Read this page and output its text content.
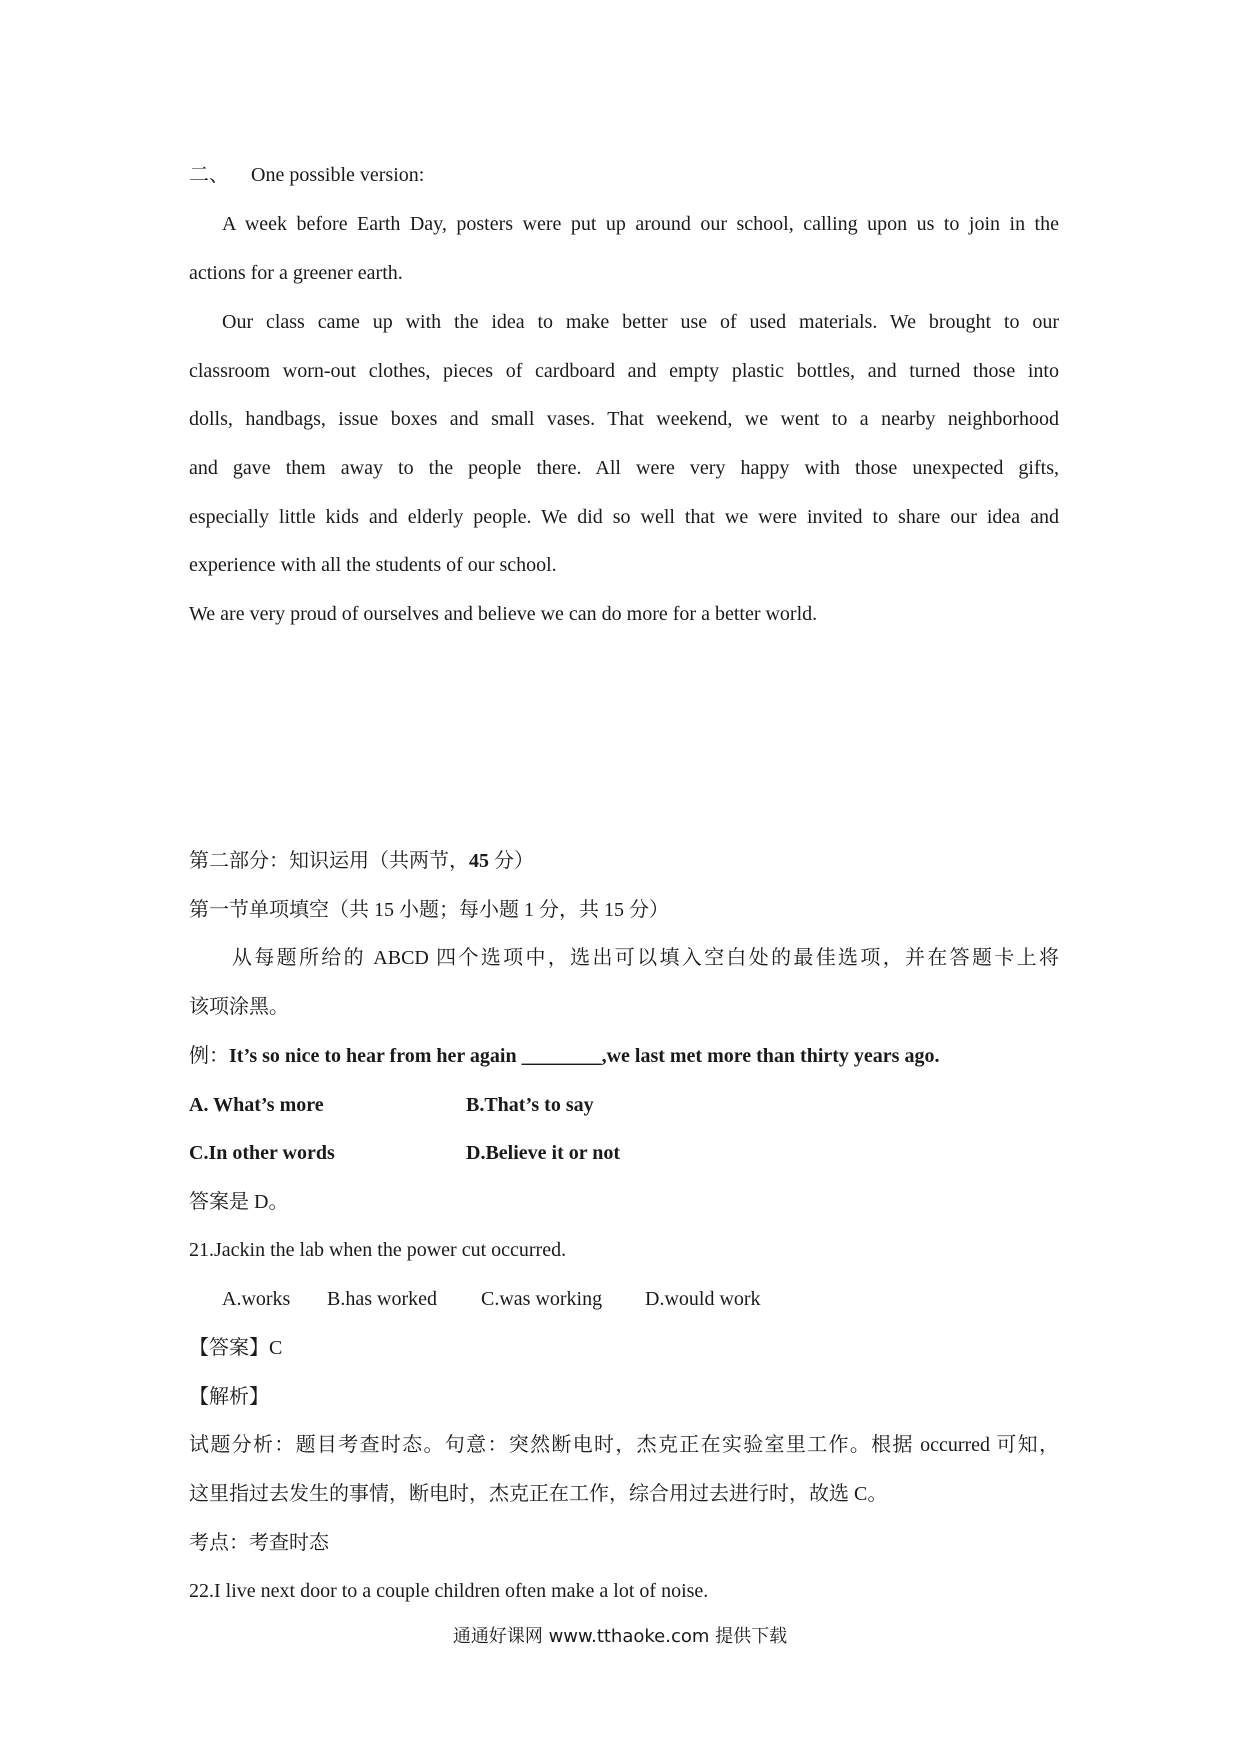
二、 One possible version:
A week before Earth Day, posters were put up around our school, calling upon us to join in the
actions for a greener earth.
Our class came up with the idea to make better use of used materials. We brought to our
classroom worn-out clothes, pieces of cardboard and empty plastic bottles, and turned those into
dolls, handbags, issue boxes and small vases. That weekend, we went to a nearby neighborhood
and gave them away to the people there. All were very happy with those unexpected gifts,
especially little kids and elderly people. We did so well that we were invited to share our idea and
experience with all the students of our school.
We are very proud of ourselves and believe we can do more for a better world.
第二部分：知识运用（共两节，45 分）
第一节单项填空（共 15 小题；每小题 1 分，共 15 分）
从每题所给的 ABCD 四个选项中，选出可以填入空白处的最佳选项，并在答题卡上将
该项涂黑。
例：It’s so nice to hear from her again ________,we last met more than thirty years ago.
A. What’s more	B.That’s to say
C.In other words	D.Believe it or not
答案是 D。
21.Jackin the lab when the power cut occurred.
A.works B.has worked C.was working D.would work
【答案】C
【解析】
试题分析：题目考查时态。句意：突然断电时，杰克正在实验室里工作。根据 occurred 可知，
这里指过去发生的事情，断电时，杰克正在工作，综合用过去进行时，故选 C。
考点：考查时态
22.I live next door to a couple children often make a lot of noise.
通通好课网 www.tthaoke.com 提供下载
